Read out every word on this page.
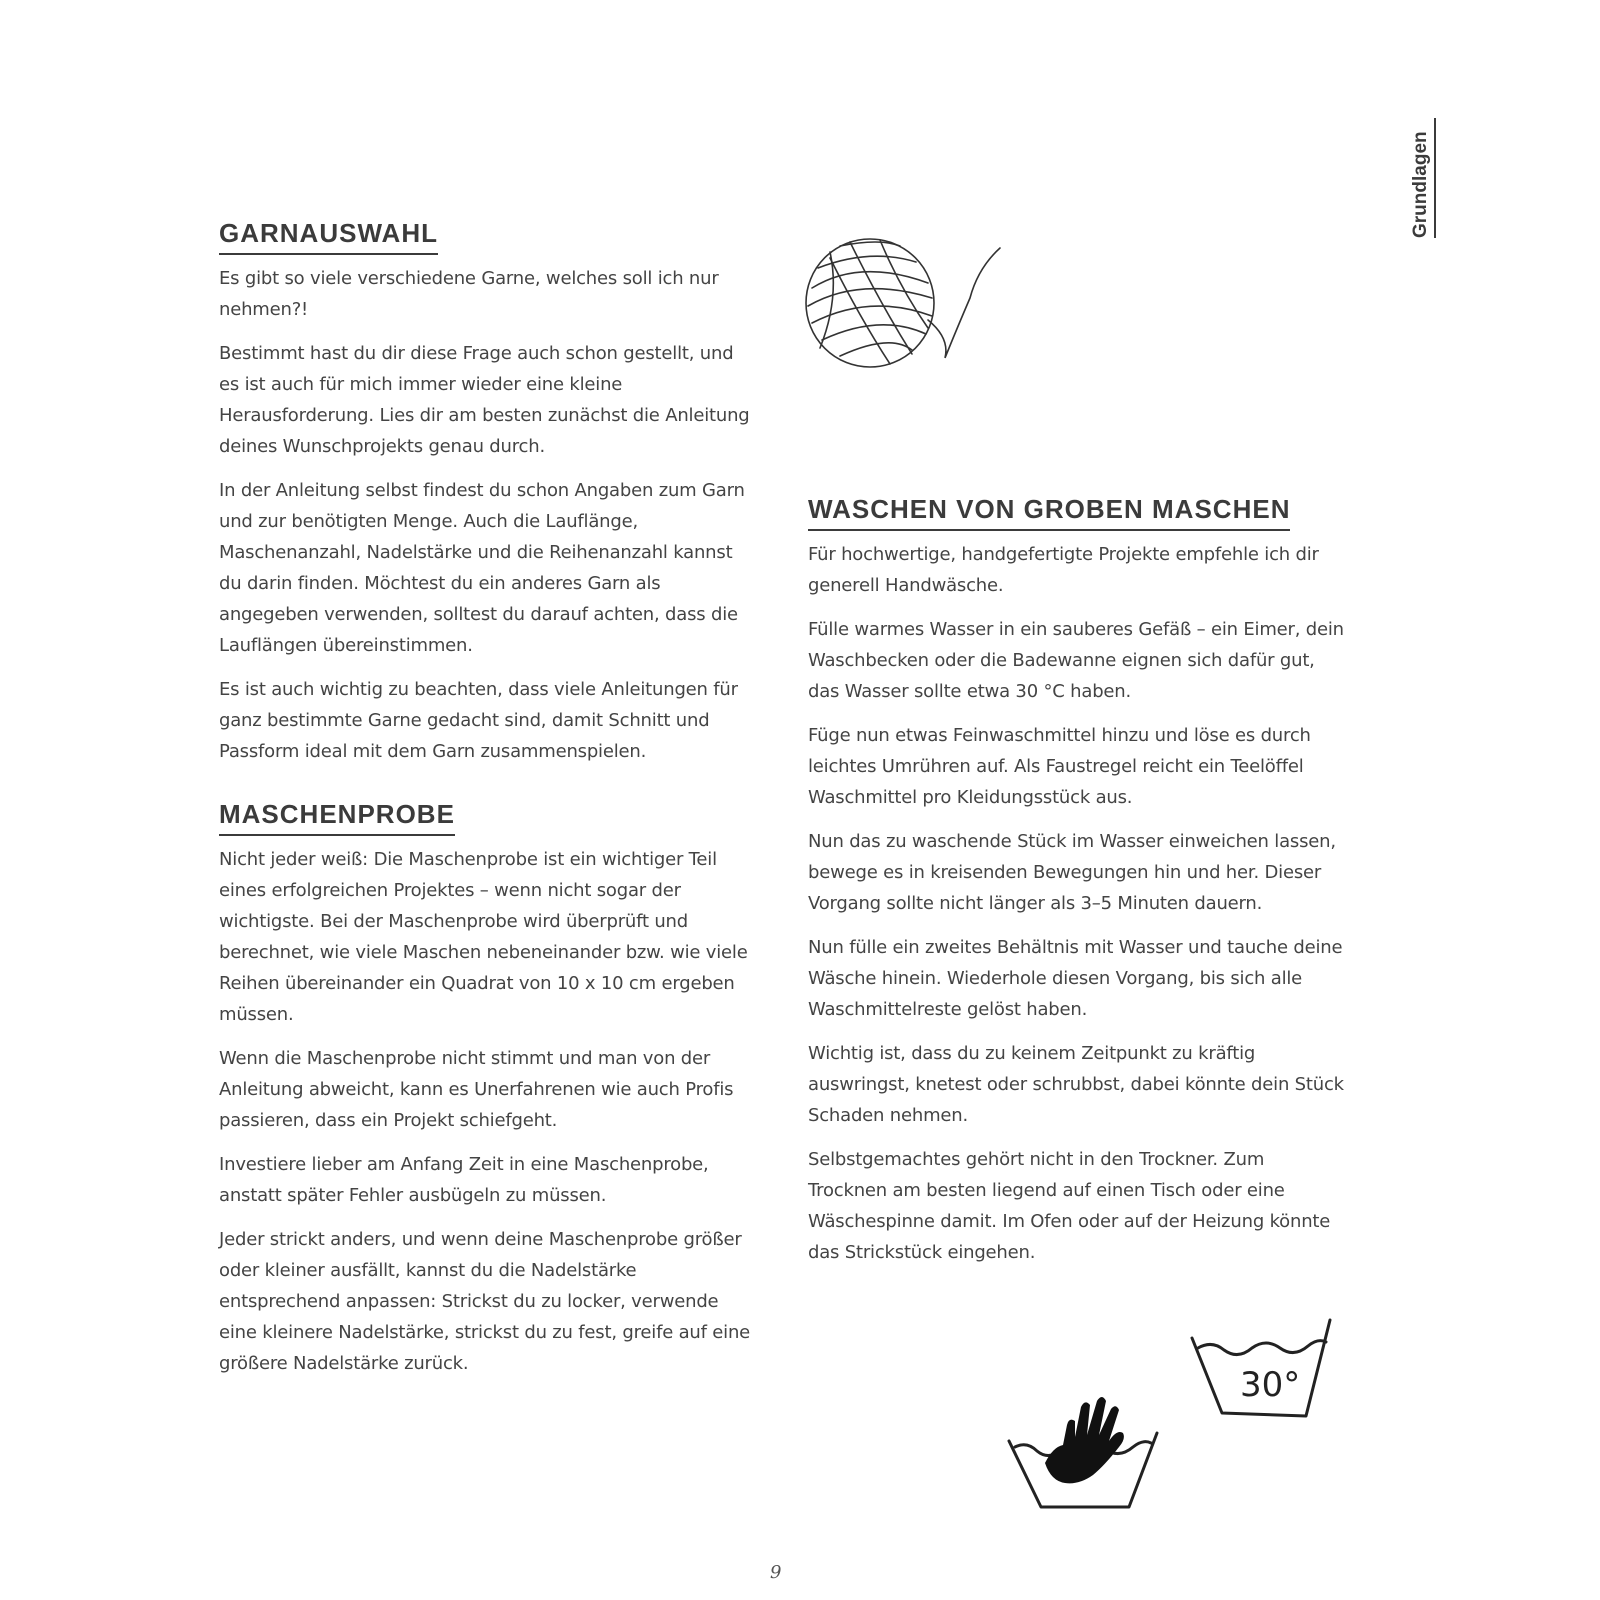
Grundlagen
GARNAUSWAHL

Es gibt so viele verschiedene Garne, welches soll ich nur nehmen?!

Bestimmt hast du dir diese Frage auch schon gestellt, und es ist auch für mich immer wieder eine kleine Herausforderung. Lies dir am besten zunächst die Anleitung deines Wunschprojekts genau durch.

In der Anleitung selbst findest du schon Angaben zum Garn und zur benötigten Menge. Auch die Lauflänge, Maschenanzahl, Nadelstärke und die Reihenanzahl kannst du darin finden. Möchtest du ein anderes Garn als angegeben verwenden, solltest du darauf achten, dass die Lauflängen übereinstimmen.

Es ist auch wichtig zu beachten, dass viele Anleitungen für ganz bestimmte Garne gedacht sind, damit Schnitt und Passform ideal mit dem Garn zusammenspielen.

MASCHENPROBE

Nicht jeder weiß: Die Maschenprobe ist ein wichtiger Teil eines erfolgreichen Projektes – wenn nicht sogar der wichtigste. Bei der Maschenprobe wird überprüft und berechnet, wie viele Maschen nebeneinander bzw. wie viele Reihen übereinander ein Quadrat von 10 x 10 cm ergeben müssen.

Wenn die Maschenprobe nicht stimmt und man von der Anleitung abweicht, kann es Unerfahrenen wie auch Profis passieren, dass ein Projekt schiefgeht.

Investiere lieber am Anfang Zeit in eine Maschenprobe, anstatt später Fehler ausbügeln zu müssen.

Jeder strickt anders, und wenn deine Maschenprobe größer oder kleiner ausfällt, kannst du die Nadelstärke entsprechend anpassen: Strickst du zu locker, verwende eine kleinere Nadelstärke, strickst du zu fest, greife auf eine größere Nadelstärke zurück.

WASCHEN VON GROBEN MASCHEN

Für hochwertige, handgefertigte Projekte empfehle ich dir generell Handwäsche.

Fülle warmes Wasser in ein sauberes Gefäß – ein Eimer, dein Waschbecken oder die Badewanne eignen sich dafür gut, das Wasser sollte etwa 30 °C haben.

Füge nun etwas Feinwaschmittel hinzu und löse es durch leichtes Umrühren auf. Als Faustregel reicht ein Teelöffel Waschmittel pro Kleidungsstück aus.

Nun das zu waschende Stück im Wasser einweichen lassen, bewege es in kreisenden Bewegungen hin und her. Dieser Vorgang sollte nicht länger als 3–5 Minuten dauern.

Nun fülle ein zweites Behältnis mit Wasser und tauche deine Wäsche hinein. Wiederhole diesen Vorgang, bis sich alle Waschmittelreste gelöst haben.

Wichtig ist, dass du zu keinem Zeitpunkt zu kräftig auswringst, knetest oder schrubbst, dabei könnte dein Stück Schaden nehmen.

Selbstgemachtes gehört nicht in den Trockner. Zum Trocknen am besten liegend auf einen Tisch oder eine Wäschespinne damit. Im Ofen oder auf der Heizung könnte das Strickstück eingehen.

30°
9
